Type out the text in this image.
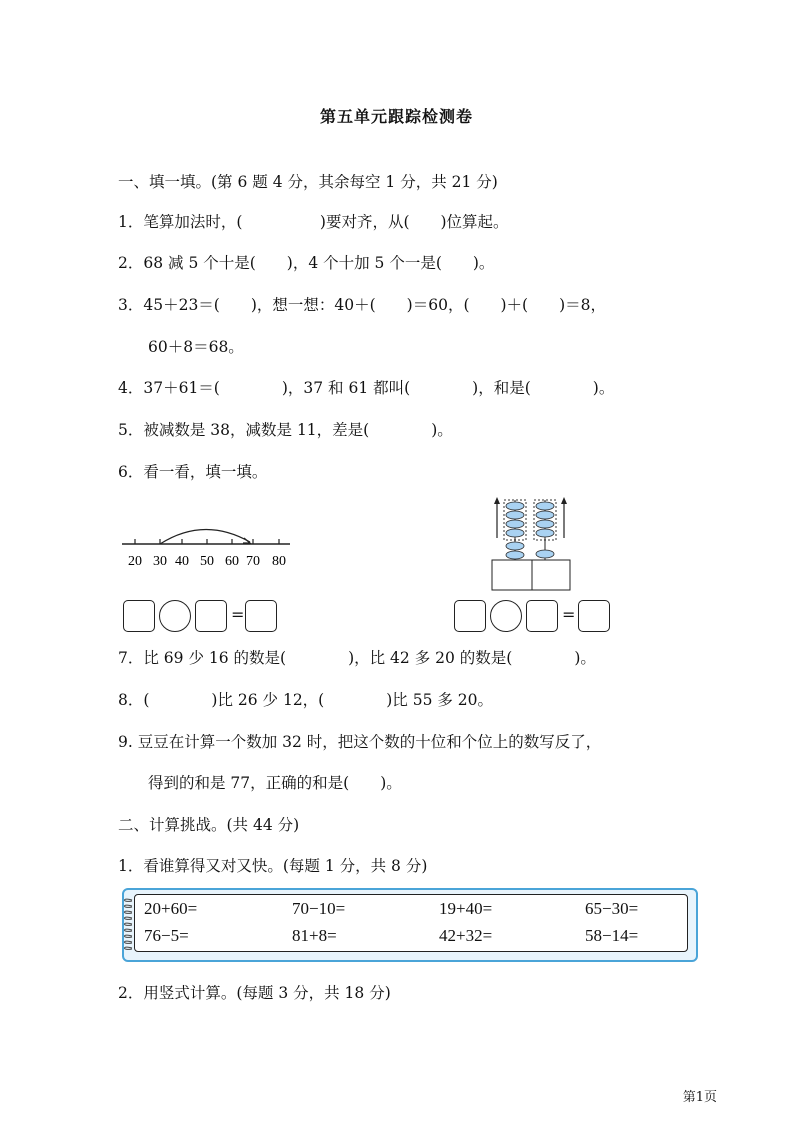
第五单元跟踪检测卷
一、填一填。(第 6 题 4 分，其余每空 1 分，共 21 分)
1．笔算加法时，(　　　　　)要对齐，从(　　)位算起。
2．68 减 5 个十是(　　)，4 个十加 5 个一是(　　)。
3．45＋23＝(　　)，想一想：40＋(　　)＝60，(　　)＋(　　)＝8，
60＋8＝68。
4．37＋61＝(　　　　)，37 和 61 都叫(　　　　)，和是(　　　　)。
5．被减数是 38，减数是 11，差是(　　　　)。
6．看一看，填一填。
20 30 40 50 60 70 80
=	=
7．比 69 少 16 的数是(　　　　)，比 42 多 20 的数是(　　　　)。
8．(　　　　)比 26 少 12，(　　　　)比 55 多 20。
9. 豆豆在计算一个数加 32 时，把这个数的十位和个位上的数写反了，
得到的和是 77，正确的和是(　　)。
二、计算挑战。(共 44 分)
1．看谁算得又对又快。(每题 1 分，共 8 分)
20+60=	70−10=	19+40=	65−30=
76−5=	81+8=	42+32=	58−14=
2．用竖式计算。(每题 3 分，共 18 分)
第1页
